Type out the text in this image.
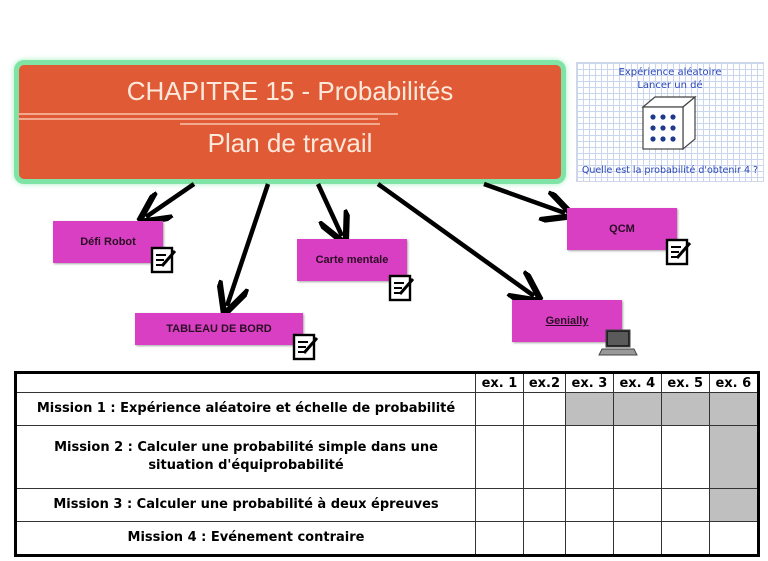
CHAPITRE 15 - Probabilités
Plan de travail
Expérience aléatoire
Lancer un dé
Quelle est la probabilité d'obtenir 4 ?
Défi Robot
TABLEAU DE BORD
Carte mentale
Genially
QCM
	ex. 1	ex.2	ex. 3	ex. 4	ex. 5	ex. 6
Mission 1 : Expérience aléatoire et échelle de probabilité						
Mission 2 : Calculer une probabilité simple dans une situation d'équiprobabilité						
Mission 3 : Calculer une probabilité à deux épreuves						
Mission 4 : Evénement contraire						
